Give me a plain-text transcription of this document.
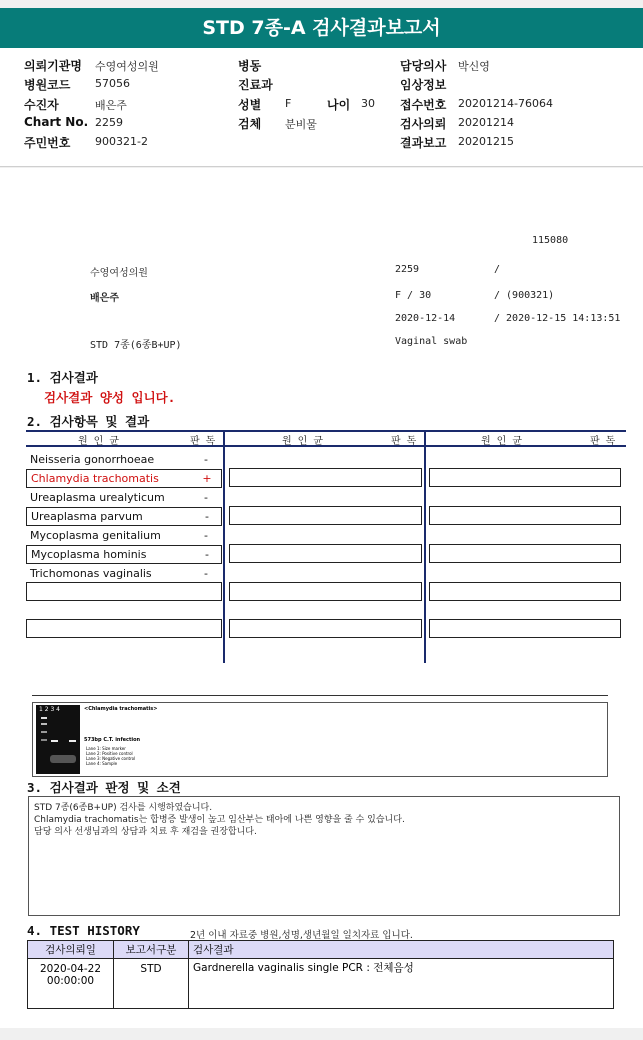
STD 7종-A 검사결과보고서
의뢰기관명 수영여성의원
병원코드 57056
수진자	배은주
Chart No. 2259
주민번호 900321-2
병동
진료과
성별 F
검체 분비물
담당의사 박신영
임상정보
접수번호 20201214-76064
검사의뢰 20201214
결과보고 20201215
나이 30
115080
수영여성의원	2259	/
배은주	F / 30	/ (900321)
2020-12-14	/ 2020-12-15 14:13:51
STD 7종(6종B+UP)	Vaginal swab
1. 검사결과
검사결과 양성 입니다.
2. 검사항목 및 결과
원 인 균	판 독	원 인 균	판 독	원 인 균	판 독
Neisseria gonorrhoeae	-
Chlamydia trachomatis	+
Ureaplasma urealyticum	-
Ureaplasma parvum	-
Mycoplasma genitalium	-
Mycoplasma hominis	-
Trichomonas vaginalis	-
1 2 3 4	<Chlamydia trachomatis>
573bp C.T. infection
Lane 1: Size marker
Lane 2: Positive control
Lane 3: Negative control
Lane 4: Sample
3. 검사결과 판정 및 소견
STD 7종(6종B+UP) 검사를 시행하였습니다.
Chlamydia trachomatis는 합병증 발생이 높고 임산부는 태아에 나쁜 영향을 줄 수 있습니다.
담당 의사 선생님과의 상담과 치료 후 재검을 권장합니다.
4. TEST HISTORY	2년 이내 자료중 병원,성명,생년월일 일치자료 입니다.
검사의뢰일	보고서구분	검사결과

2020-04-22
00:00:00	STD	Gardnerella vaginalis single PCR : 전체음성
